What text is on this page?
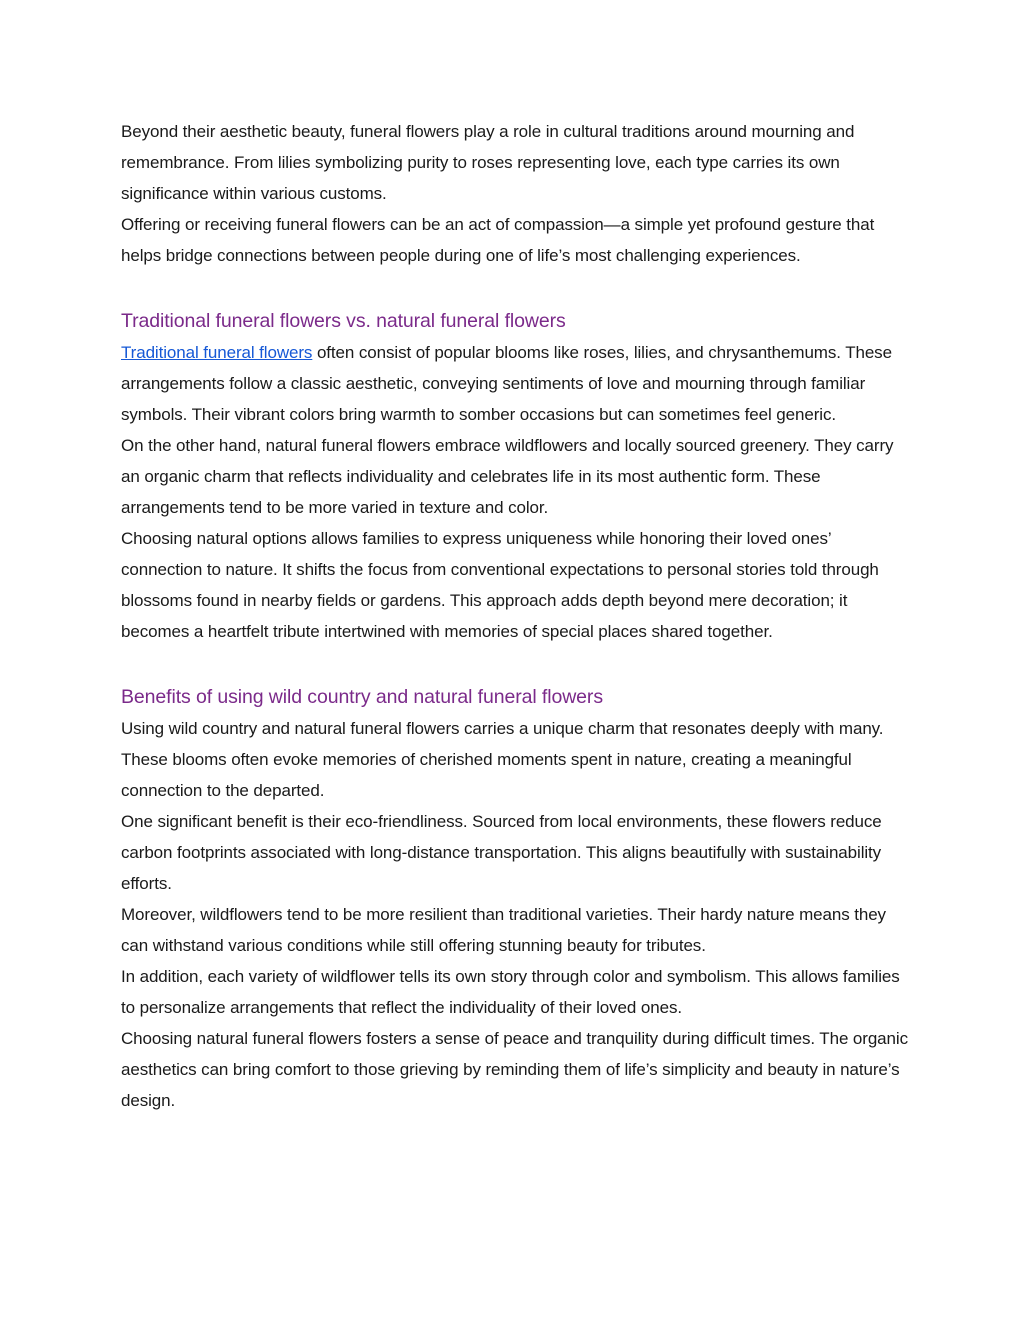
Beyond their aesthetic beauty, funeral flowers play a role in cultural traditions around mourning and remembrance. From lilies symbolizing purity to roses representing love, each type carries its own significance within various customs.

Offering or receiving funeral flowers can be an act of compassion—a simple yet profound gesture that helps bridge connections between people during one of life’s most challenging experiences.

Traditional funeral flowers vs. natural funeral flowers

Traditional funeral flowers often consist of popular blooms like roses, lilies, and chrysanthemums. These arrangements follow a classic aesthetic, conveying sentiments of love and mourning through familiar symbols. Their vibrant colors bring warmth to somber occasions but can sometimes feel generic.

On the other hand, natural funeral flowers embrace wildflowers and locally sourced greenery. They carry an organic charm that reflects individuality and celebrates life in its most authentic form. These arrangements tend to be more varied in texture and color.

Choosing natural options allows families to express uniqueness while honoring their loved ones’ connection to nature. It shifts the focus from conventional expectations to personal stories told through blossoms found in nearby fields or gardens. This approach adds depth beyond mere decoration; it becomes a heartfelt tribute intertwined with memories of special places shared together.

Benefits of using wild country and natural funeral flowers

Using wild country and natural funeral flowers carries a unique charm that resonates deeply with many. These blooms often evoke memories of cherished moments spent in nature, creating a meaningful connection to the departed.

One significant benefit is their eco-friendliness. Sourced from local environments, these flowers reduce carbon footprints associated with long-distance transportation. This aligns beautifully with sustainability efforts.

Moreover, wildflowers tend to be more resilient than traditional varieties. Their hardy nature means they can withstand various conditions while still offering stunning beauty for tributes.

In addition, each variety of wildflower tells its own story through color and symbolism. This allows families to personalize arrangements that reflect the individuality of their loved ones.

Choosing natural funeral flowers fosters a sense of peace and tranquility during difficult times. The organic aesthetics can bring comfort to those grieving by reminding them of life’s simplicity and beauty in nature’s design.
